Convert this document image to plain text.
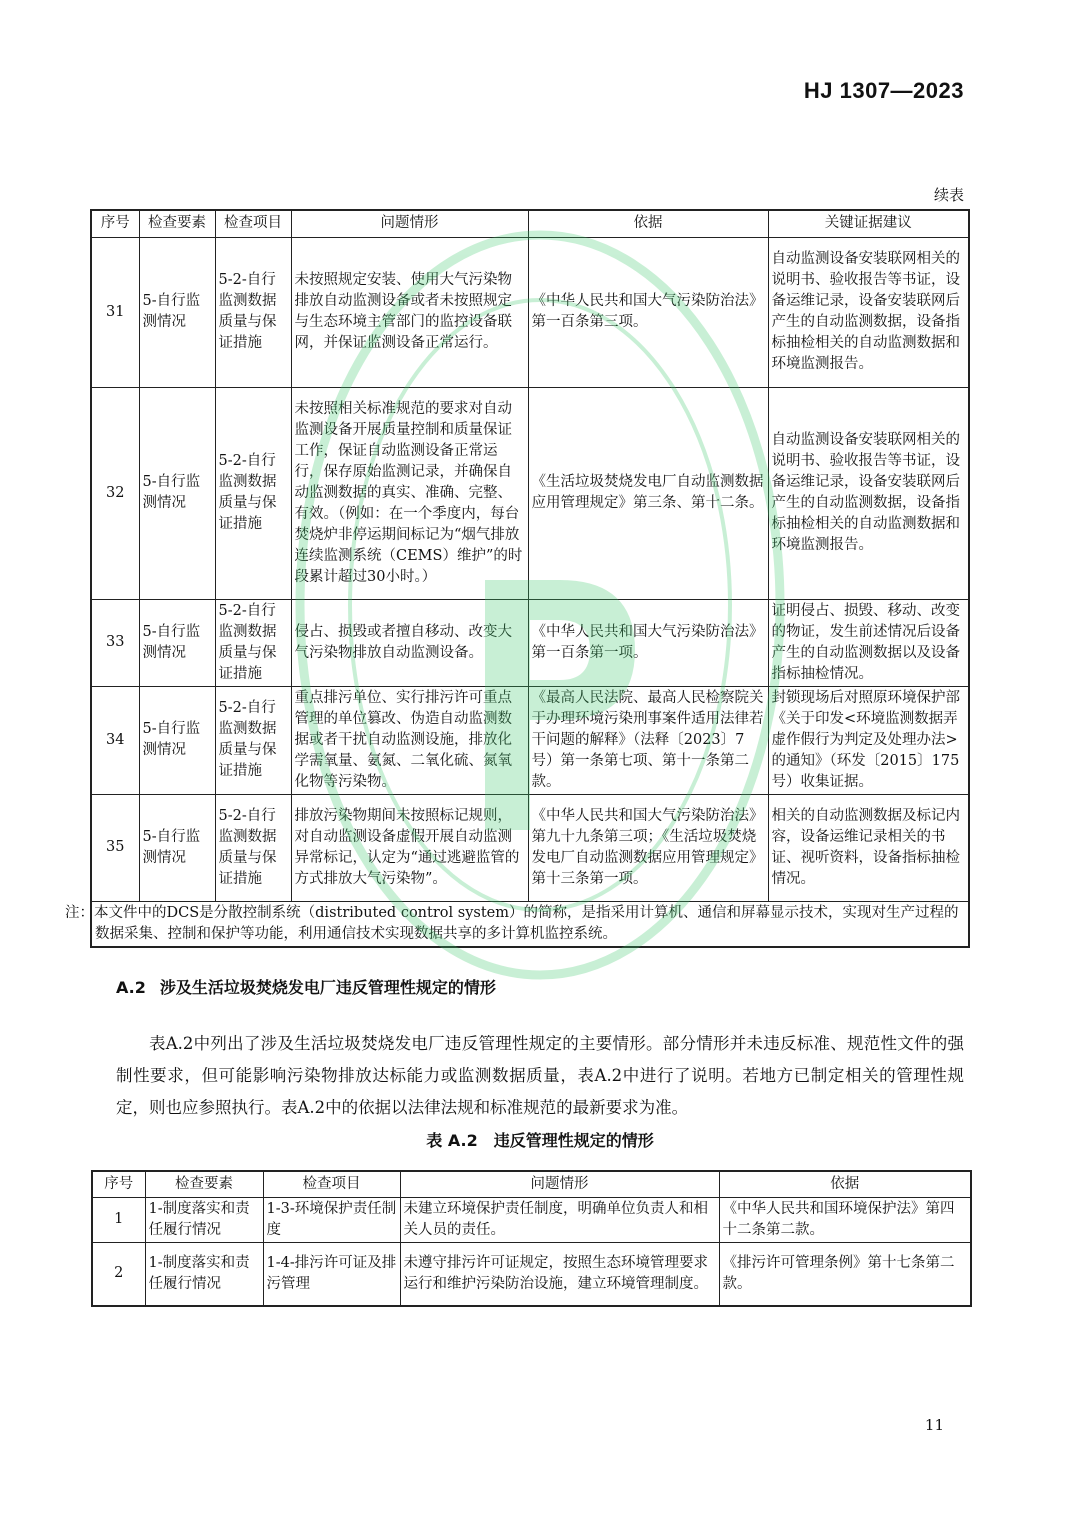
HJ 1307—2023
续表
序号	检查要素	检查项目	问题情形	依据	关键证据建议
31	5-自行监测情况	5-2-自行监测数据质量与保证措施	未按照规定安装、使用大气污染物排放自动监测设备或者未按照规定与生态环境主管部门的监控设备联网，并保证监测设备正常运行。	《中华人民共和国大气污染防治法》第一百条第三项。	自动监测设备安装联网相关的说明书、验收报告等书证，设备运维记录，设备安装联网后产生的自动监测数据，设备指标抽检相关的自动监测数据和环境监测报告。
32	5-自行监测情况	5-2-自行监测数据质量与保证措施	未按照相关标准规范的要求对自动监测设备开展质量控制和质量保证工作，保证自动监测设备正常运行，保存原始监测记录，并确保自动监测数据的真实、准确、完整、有效。（例如：在一个季度内，每台焚烧炉非停运期间标记为“烟气排放连续监测系统（CEMS）维护”的时段累计超过30小时。）	《生活垃圾焚烧发电厂自动监测数据应用管理规定》第三条、第十二条。	自动监测设备安装联网相关的说明书、验收报告等书证，设备运维记录，设备安装联网后产生的自动监测数据，设备指标抽检相关的自动监测数据和环境监测报告。
33	5-自行监测情况	5-2-自行监测数据质量与保证措施	侵占、损毁或者擅自移动、改变大气污染物排放自动监测设备。	《中华人民共和国大气污染防治法》第一百条第一项。	证明侵占、损毁、移动、改变的物证，发生前述情况后设备产生的自动监测数据以及设备指标抽检情况。
34	5-自行监测情况	5-2-自行监测数据质量与保证措施	重点排污单位、实行排污许可重点管理的单位篡改、伪造自动监测数据或者干扰自动监测设施，排放化学需氧量、氨氮、二氧化硫、氮氧化物等污染物。	《最高人民法院、最高人民检察院关于办理环境污染刑事案件适用法律若干问题的解释》（法释〔2023〕7号）第一条第七项、第十一条第二款。	封锁现场后对照原环境保护部《关于印发<环境监测数据弄虚作假行为判定及处理办法>的通知》（环发〔2015〕175号）收集证据。
35	5-自行监测情况	5-2-自行监测数据质量与保证措施	排放污染物期间未按照标记规则，对自动监测设备虚假开展自动监测异常标记，认定为“通过逃避监管的方式排放大气污染物”。	《中华人民共和国大气污染防治法》第九十九条第三项；《生活垃圾焚烧发电厂自动监测数据应用管理规定》第十三条第一项。	相关的自动监测数据及标记内容，设备运维记录相关的书证、视听资料，设备指标抽检情况。
注：本文件中的DCS是分散控制系统（distributed control system）的简称，是指采用计算机、通信和屏幕显示技术，实现对生产过程的数据采集、控制和保护等功能，利用通信技术实现数据共享的多计算机监控系统。					
A.2 涉及生活垃圾焚烧发电厂违反管理性规定的情形

表A.2中列出了涉及生活垃圾焚烧发电厂违反管理性规定的主要情形。部分情形并未违反标准、规范性文件的强制性要求，但可能影响污染物排放达标能力或监测数据质量，表A.2中进行了说明。若地方已制定相关的管理性规定，则也应参照执行。表A.2中的依据以法律法规和标准规范的最新要求为准。

表 A.2　违反管理性规定的情形
序号	检查要素	检查项目	问题情形	依据
1	1-制度落实和责任履行情况	1-3-环境保护责任制度	未建立环境保护责任制度，明确单位负责人和相关人员的责任。	《中华人民共和国环境保护法》第四十二条第二款。
2	1-制度落实和责任履行情况	1-4-排污许可证及排污管理	未遵守排污许可证规定，按照生态环境管理要求运行和维护污染防治设施，建立环境管理制度。	《排污许可管理条例》第十七条第二款。
11
